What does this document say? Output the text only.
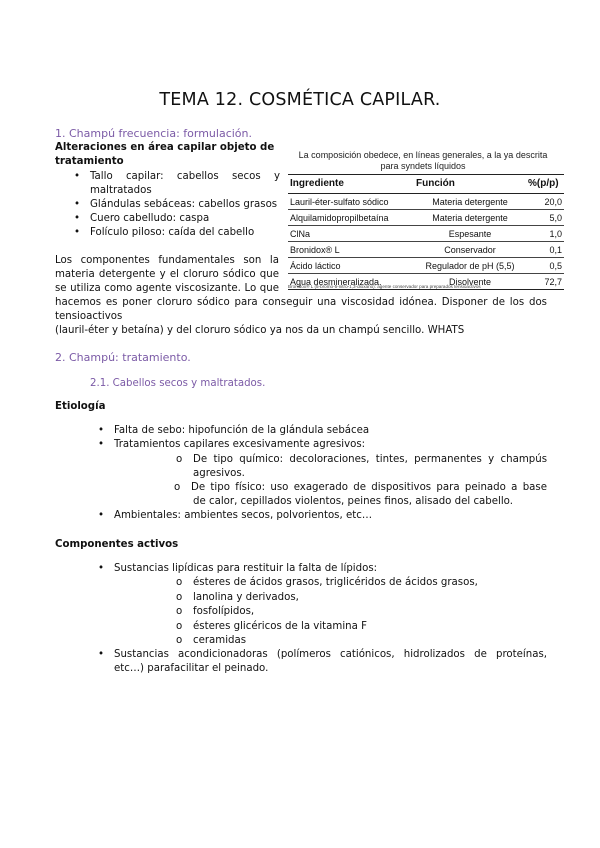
TEMA 12. COSMÉTICA CAPILAR.
1. Champú frecuencia: formulación.
Alteraciones en área capilar objeto de
tratamiento
• Tallo capilar: cabellos secos y
maltratados
• Glándulas sebáceas: cabellos grasos
• Cuero cabelludo: caspa
• Folículo piloso: caída del cabello
Los componentes fundamentales son la
materia detergente y el cloruro sódico que
se utiliza como agente viscosizante. Lo que
hacemos es poner cloruro sódico para conseguir una viscosidad idónea. Disponer de los dos
tensioactivos
(lauril-éter y betaína) y del cloruro sódico ya nos da un champú sencillo. WHATS
La composición obedece, en líneas generales, a la ya descrita
para syndets líquidos
Ingrediente	Función	%(p/p)
Lauril-éter-sulfato sódico	Materia detergente	20,0
Alquilamidopropilbetaína	Materia detergente	5,0
ClNa	Espesante	1,0
Bronidox® L	Conservador	0,1
Ácido láctico	Regulador de pH (5,5)	0,5
Agua desmineralizada.	Disolvente	72,7
Bronidox® L (5-bromo-5-nitro-1,3-dioxano): agente conservador para preparados tensioactivos
2. Champú: tratamiento.
2.1. Cabellos secos y maltratados.
Etiología
• Falta de sebo: hipofunción de la glándula sebácea
• Tratamientos capilares excesivamente agresivos:
o De tipo químico: decoloraciones, tintes, permanentes y champús
agresivos.
o De tipo físico: uso exagerado de dispositivos para peinado a base
de calor, cepillados violentos, peines finos, alisado del cabello.
• Ambientales: ambientes secos, polvorientos, etc…
Componentes activos
• Sustancias lipídicas para restituir la falta de lípidos:
o ésteres de ácidos grasos, triglicéridos de ácidos grasos,
o lanolina y derivados,
o fosfolípidos,
o ésteres glicéricos de la vitamina F
o ceramidas
• Sustancias acondicionadoras (polímeros catiónicos, hidrolizados de proteínas,
etc…) parafacilitar el peinado.
